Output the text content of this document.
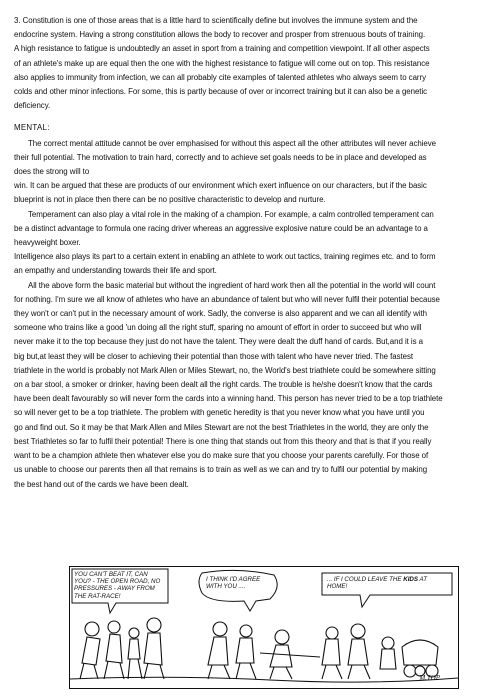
3. Constitution is one of those areas that is a little hard to scientifically define but involves the immune system and the
endocrine system. Having a strong constitution allows the body to recover and prosper from strenuous bouts of training.
A high resistance to fatigue is undoubtedly an asset in sport from a training and competition viewpoint. If all other aspects
of an athlete's make up are equal then the one with the highest resistance to fatigue will come out on top. This resistance
also applies to immunity from infection, we can all probably cite examples of talented athletes who always seem to carry
colds and other minor infections. For some, this is partly because of over or incorrect training but it can also be a genetic
deficiency.

MENTAL:

The correct mental attitude cannot be over emphasised for without this aspect all the other attributes will never achieve
their full potential. The motivation to train hard, correctly and to achieve set goals needs to be in place and developed as
does the strong will to
win. It can be argued that these are products of our environment which exert influence on our characters, but if the basic
blueprint is not in place then there can be no positive characteristic to develop and nurture.

Temperament can also play a vital role in the making of a champion. For example, a calm controlled temperament can
be a distinct advantage to formula one racing driver whereas an aggressive explosive nature could be an advantage to a
heavyweight boxer.

Intelligence also plays its part to a certain extent in enabling an athlete to work out tactics, training regimes etc. and to form
an empathy and understanding towards their life and sport.

All the above form the basic material but without the ingredient of hard work then all the potential in the world will count
for nothing. I'm sure we all know of athletes who have an abundance of talent but who will never fulfil their potential because
they won't or can't put in the necessary amount of work. Sadly, the converse is also apparent and we can all identify with
someone who trains like a good 'un doing all the right stuff, sparing no amount of effort in order to succeed but who will
never make it to the top because they just do not have the talent. They were dealt the duff hand of cards. But,and it is a
big but,at least they will be closer to achieving their potential than those with talent who have never tried. The fastest
triathlete in the world is probably not Mark Allen or Miles Stewart, no, the World's best triathlete could be somewhere sitting
on a bar stool, a smoker or drinker, having been dealt all the right cards. The trouble is he/she doesn't know that the cards
have been dealt favourably so will never form the cards into a winning hand. This person has never tried to be a top triathlete
so will never get to be a top triathlete. The problem with genetic heredity is that you never know what you have until you
go and find out. So it may be that Mark Allen and Miles Stewart are not the best Triathletes in the world, they are only the
best Triathletes so far to fulfil their potential! There is one thing that stands out from this theory and that is that if you really
want to be a champion athlete then whatever else you do make sure that you choose your parents carefully. For those of
us unable to choose our parents then all that remains is to train as well as we can and try to fulfil our potential by making
the best hand out of the cards we have been dealt.

YOU CAN'T BEAT IT, CAN YOU? - THE OPEN ROAD, NO PRESSURES - AWAY FROM THE RAT-RACE!
I THINK I'D AGREE WITH YOU ....
... IF I COULD LEAVE THE KIDS AT HOME!
M.TOP
